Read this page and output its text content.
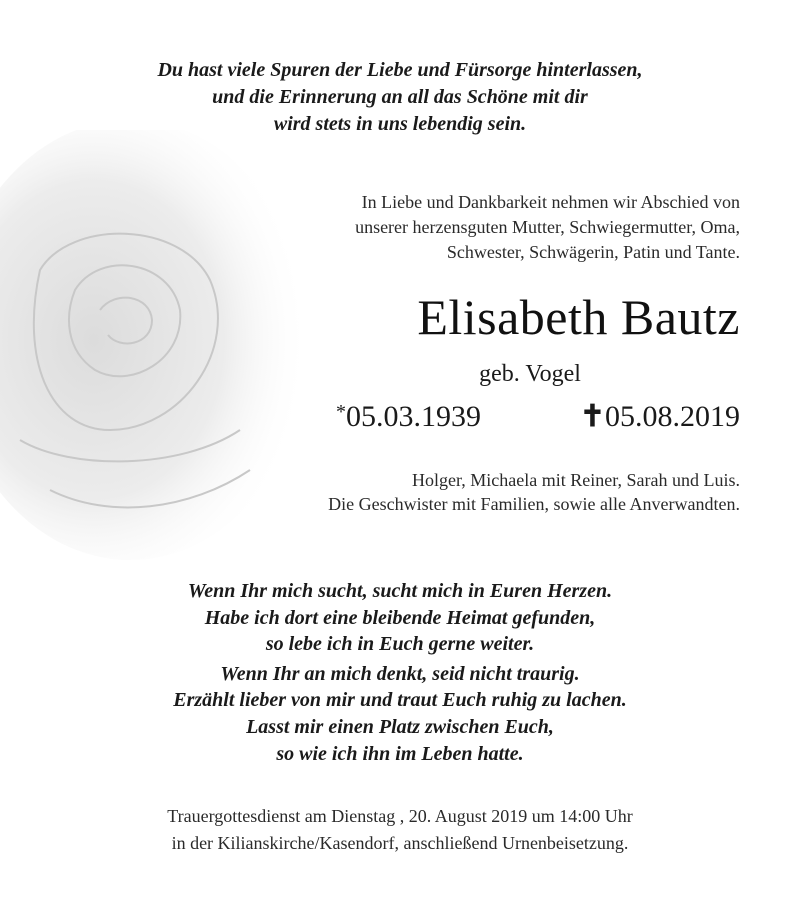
Du hast viele Spuren der Liebe und Fürsorge hinterlassen,
und die Erinnerung an all das Schöne mit dir
wird stets in uns lebendig sein.
In Liebe und Dankbarkeit nehmen wir Abschied von
unserer herzensguten Mutter, Schwiegermutter, Oma,
Schwester, Schwägerin, Patin und Tante.
Elisabeth Bautz
geb. Vogel
*05.03.1939	✝05.08.2019
Holger, Michaela mit Reiner, Sarah und Luis.
Die Geschwister mit Familien, sowie alle Anverwandten.
Wenn Ihr mich sucht, sucht mich in Euren Herzen.
Habe ich dort eine bleibende Heimat gefunden,
so lebe ich in Euch gerne weiter.
Wenn Ihr an mich denkt, seid nicht traurig.
Erzählt lieber von mir und traut Euch ruhig zu lachen.
Lasst mir einen Platz zwischen Euch,
so wie ich ihn im Leben hatte.
Trauergottesdienst am Dienstag , 20. August 2019 um 14:00 Uhr
in der Kilianskirche/Kasendorf, anschließend Urnenbeisetzung.
